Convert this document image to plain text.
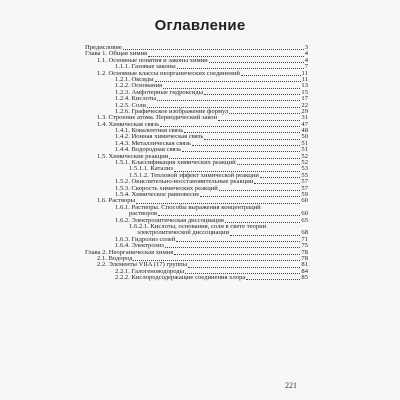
Оглавление
Предисловие	3
Глава 1. Общая химия	4
1.1. Основные понятия и законы химии	4
1.1.1. Газовые законы	7
1.2. Основные классы неорганических соединений	11
1.2.1. Оксиды	11
1.2.2. Основания	13
1.2.3. Амфотерные гидроксиды	15
1.2.4. Кислоты	17
1.2.5. Соли	22
1.2.6. Графическое изображение формул	29
1.3. Строение атома. Периодический закон	31
1.4. Химическая связь	47
1.4.1. Ковалентная связь	48
1.4.2. Ионная химическая связь	50
1.4.3. Металлическая связь	51
1.4.4. Водородная связь	51
1.5. Химические реакции	52
1.5.1. Классификация химических реакций	52
1.5.1.1. Катализ	53
1.5.1.2. Тепловой эффект химической реакции	55
1.5.2. Окислительно-восстановительные реакции	57
1.5.3. Скорость химических реакций	57
1.5.4. Химическое равновесие	59
1.6. Растворы	60
1.6.1. Растворы. Способы выражения концентраций
растворов	60
1.6.2. Электролитическая диссоциация	65
1.6.2.1. Кислоты, основания, соли в свете теории
электролитической диссоциации	68
1.6.3. Гидролиз солей	71
1.6.4. Электролиз	75
Глава 2. Неорганическая химия	78
2.1. Водород	78
2.2. Элементы VIIA (17) группы	81
2.2.1. Галогеноводороды	84
2.2.2. Кислородсодержащие соединения хлора	85
221
